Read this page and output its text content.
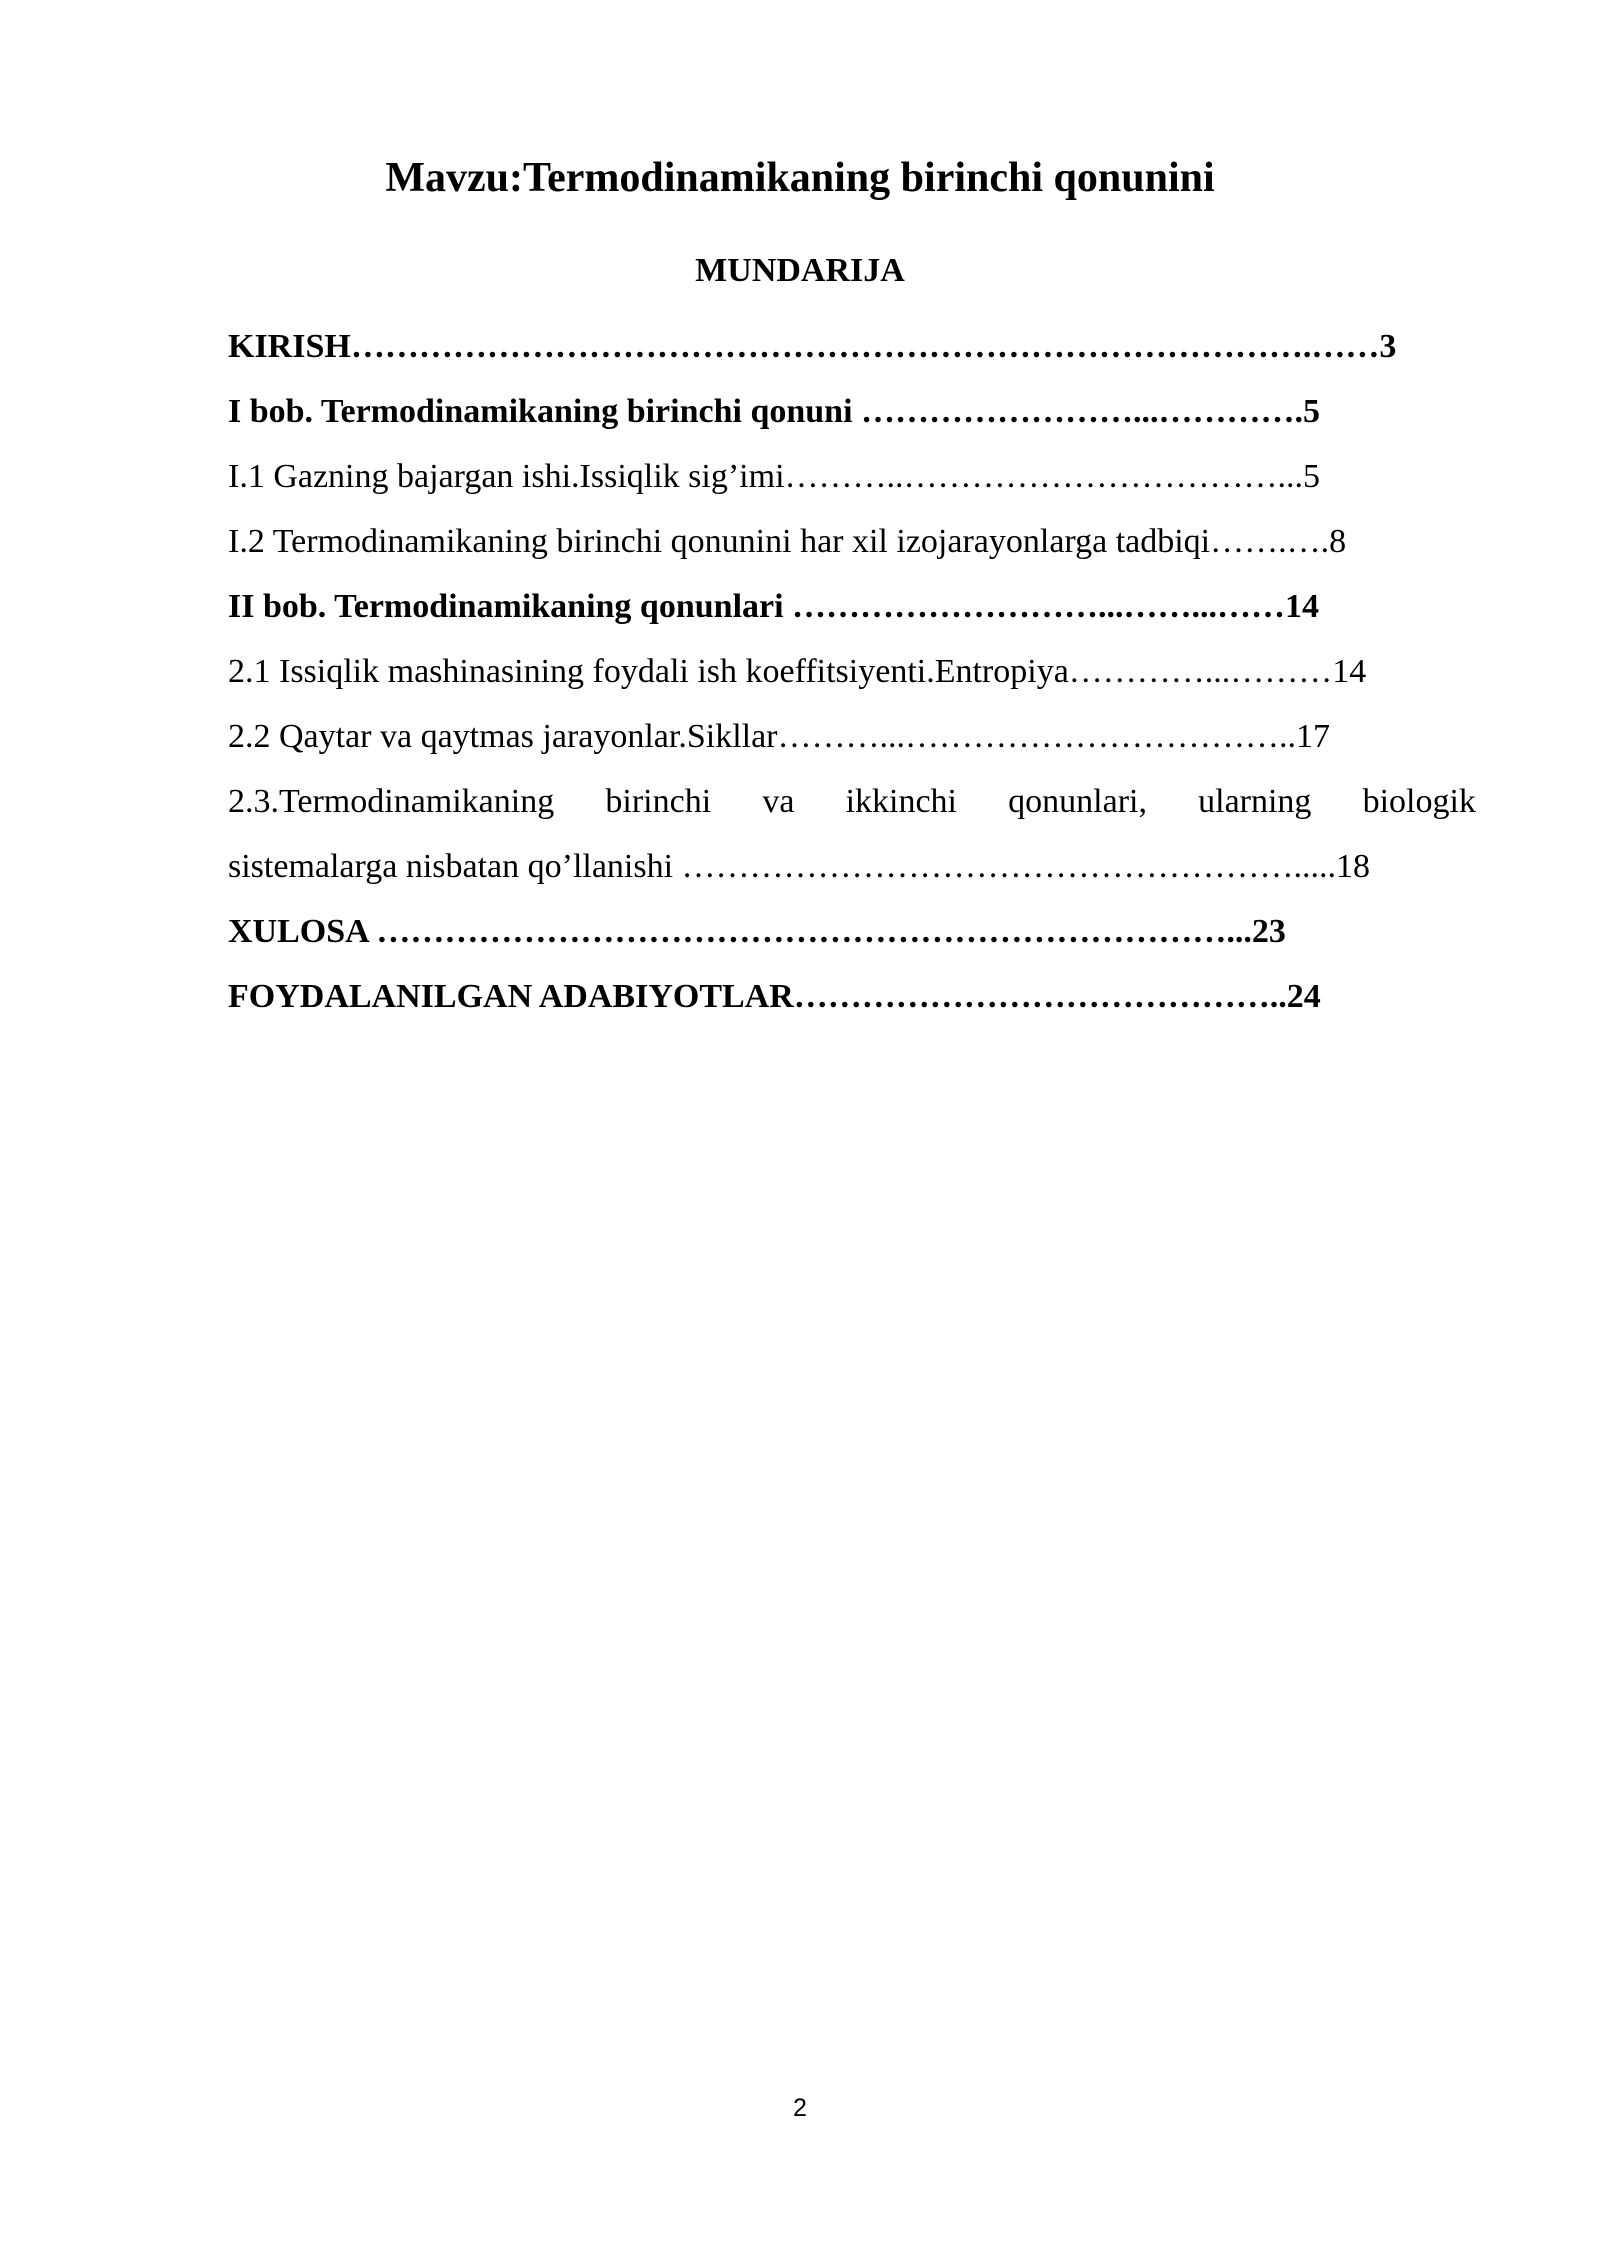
Mavzu:Termodinamikaning birinchi qonunini
MUNDARIJA
KIRISH………………………………………………………………………….……3
I bob. Termodinamikaning birinchi qonuni ……………………...………….5
I.1 Gazning bajargan ishi.Issiqlik sig’imi………..……………………………...5
I.2 Termodinamikaning birinchi qonunini har xil izojarayonlarga tadbiqi…….….8
II bob. Termodinamikaning qonunlari ………………………...……...……14
2.1 Issiqlik mashinasining foydali ish koeffitsiyenti.Entropiya…………...………14
2.2 Qaytar va qaytmas jarayonlar.Sikllar………...……………………………..17
2.3.Termodinamikaning birinchi va ikkinchi qonunlari, ularning biologik
sistemalarga nisbatan qo’llanishi ……………………………………………….....18
XULOSA …………………………………………………………………...23
FOYDALANILGAN ADABIYOTLAR……………………………………..24
2
